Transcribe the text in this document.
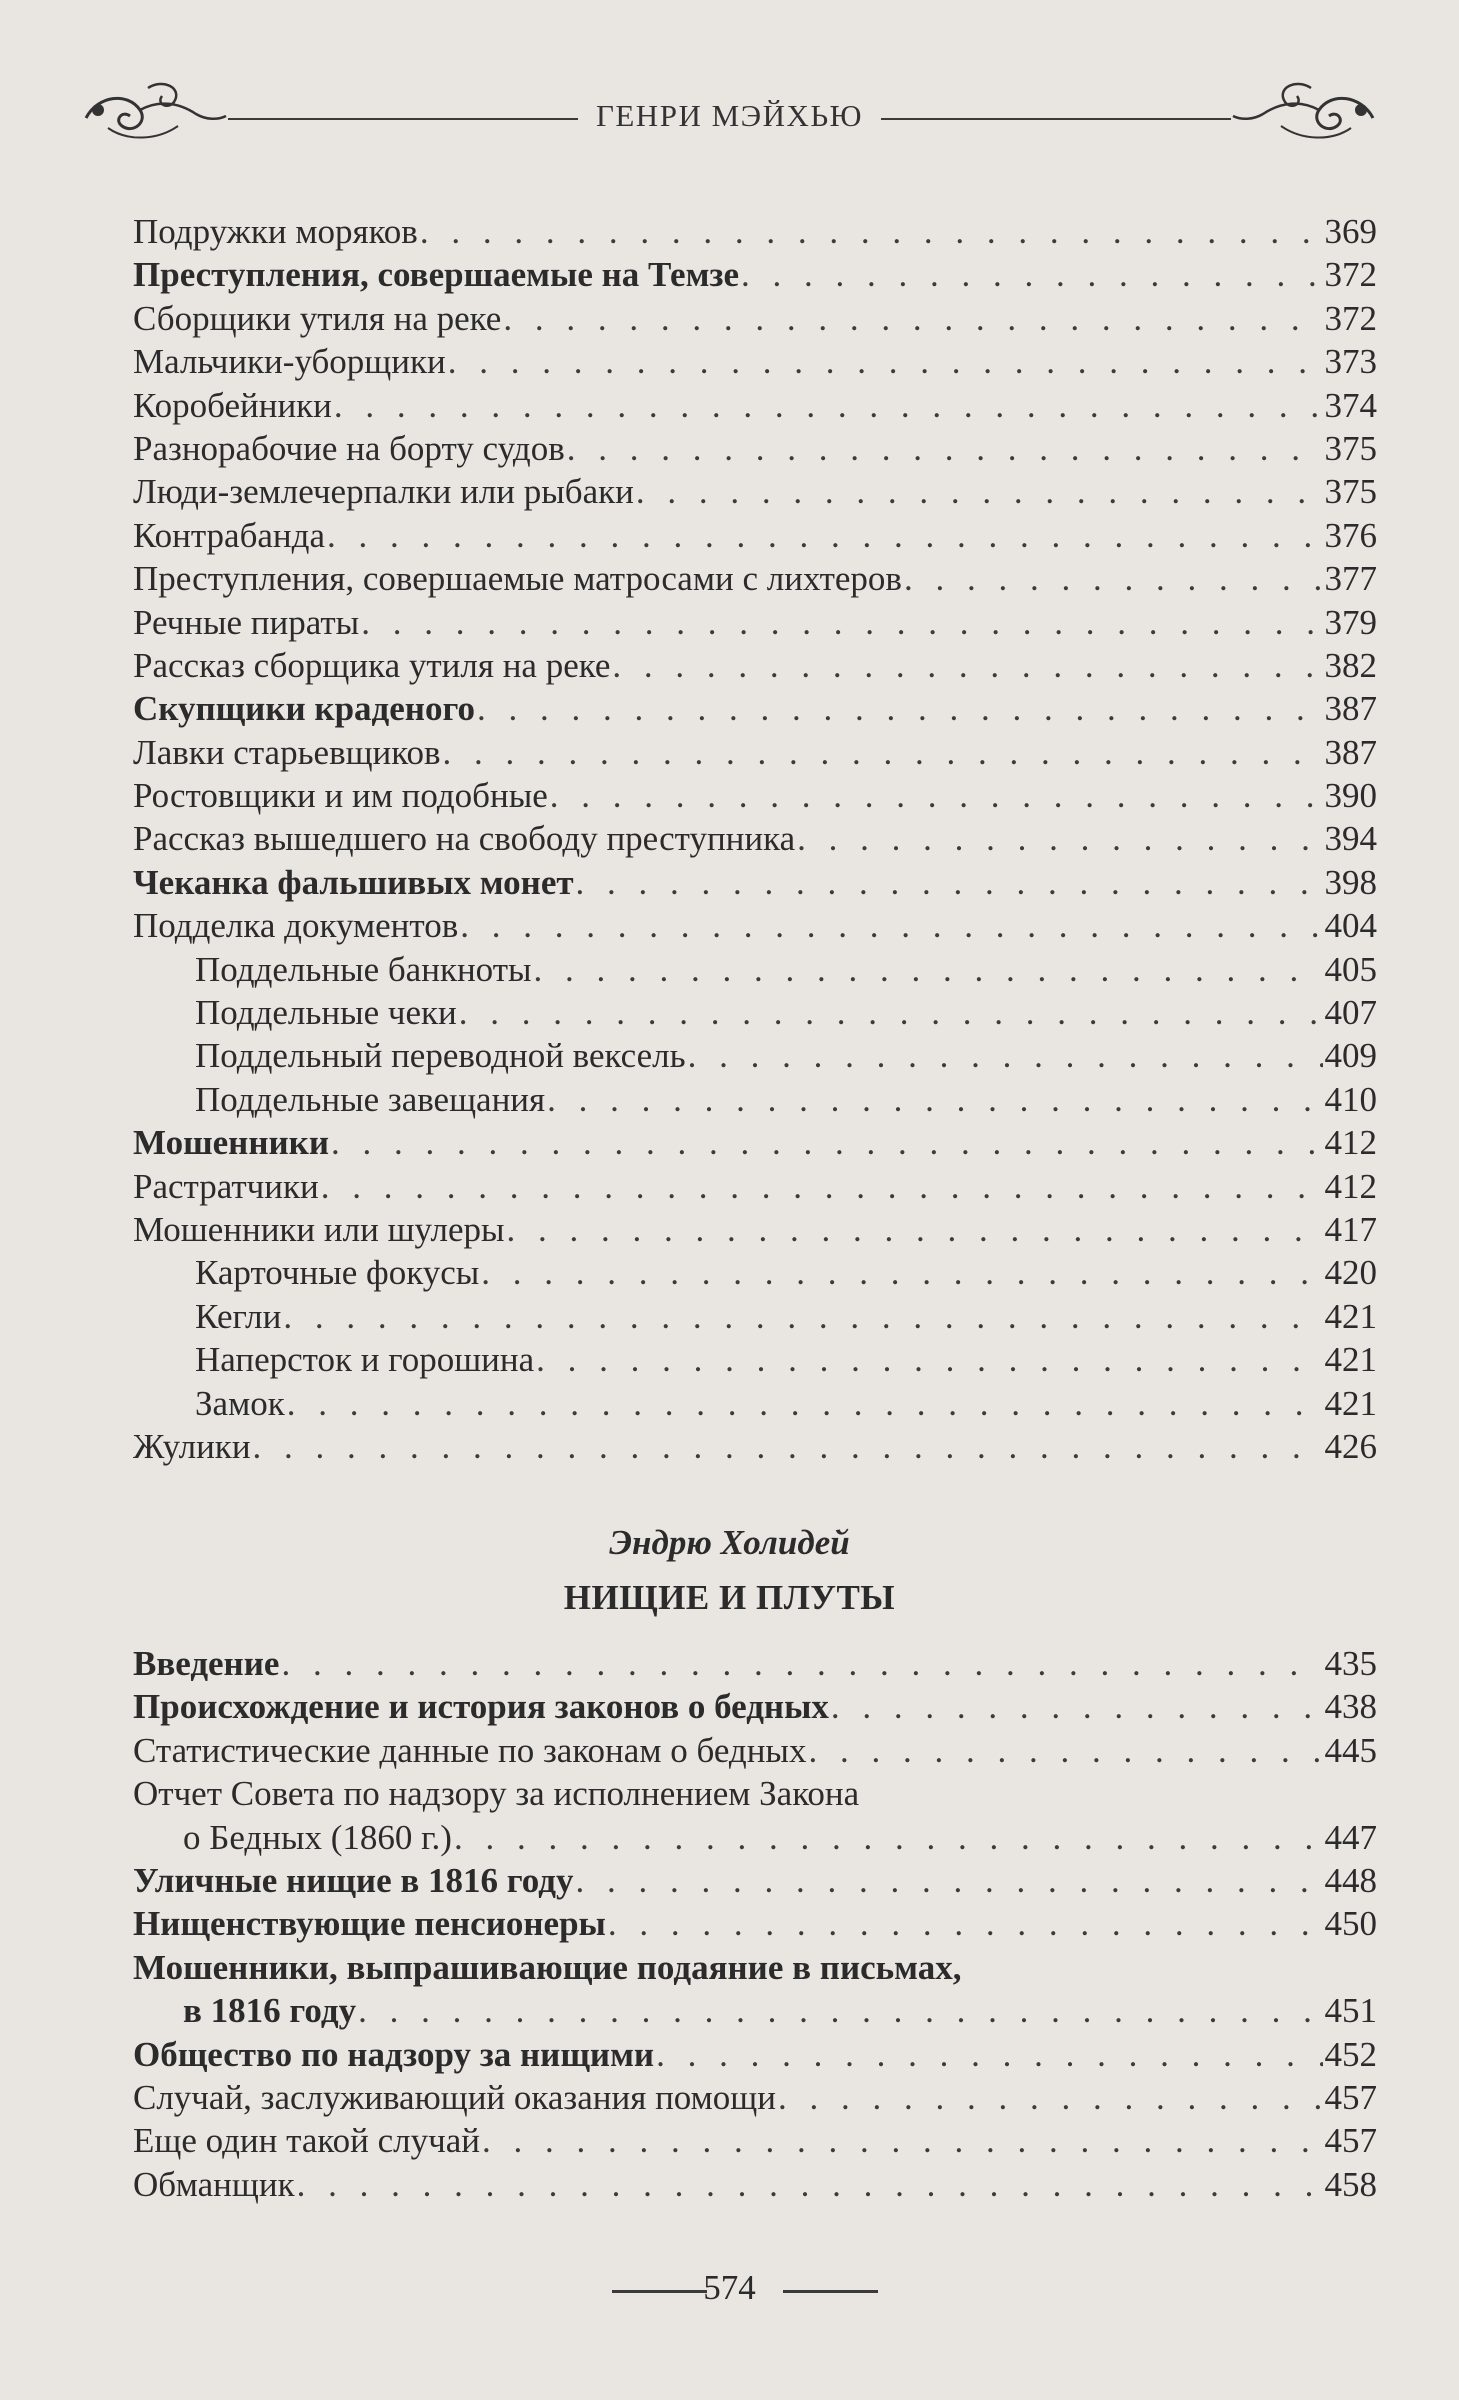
ГЕНРИ МЭЙХЬЮ
Подружки моряков . . .	369
Преступления, совершаемые на Темзе . . .	372
Сборщики утиля на реке . . .	372
Мальчики-уборщики . . .	373
Коробейники . . .	374
Разнорабочие на борту судов . . .	375
Люди-землечерпалки или рыбаки . . .	375
Контрабанда . . .	376
Преступления, совершаемые матросами с лихтеров . . .	377
Речные пираты . . .	379
Рассказ сборщика утиля на реке . . .	382
Скупщики краденого . . .	387
Лавки старьевщиков . . .	387
Ростовщики и им подобные . . .	390
Рассказ вышедшего на свободу преступника . . .	394
Чеканка фальшивых монет . . .	398
Подделка документов . . .	404
Поддельные банкноты . . .	405
Поддельные чеки . . .	407
Поддельный переводной вексель . . .	409
Поддельные завещания . . .	410
Мошенники . . .	412
Растратчики . . .	412
Мошенники или шулеры . . .	417
Карточные фокусы . . .	420
Кегли . . .	421
Наперсток и горошина . . .	421
Замок . . .	421
Жулики . . .	426
Эндрю Холидей
НИЩИЕ И ПЛУТЫ
Введение . . .	435
Происхождение и история законов о бедных . . .	438
Статистические данные по законам о бедных . . .	445
Отчет Совета по надзору за исполнением Закона
о Бедных (1860 г.) . . .	447
Уличные нищие в 1816 году . . .	448
Нищенствующие пенсионеры . . .	450
Мошенники, выпрашивающие подаяние в письмах,
в 1816 году . . .	451
Общество по надзору за нищими . . .	452
Случай, заслуживающий оказания помощи . . .	457
Еще один такой случай . . .	457
Обманщик . . .	458
574
